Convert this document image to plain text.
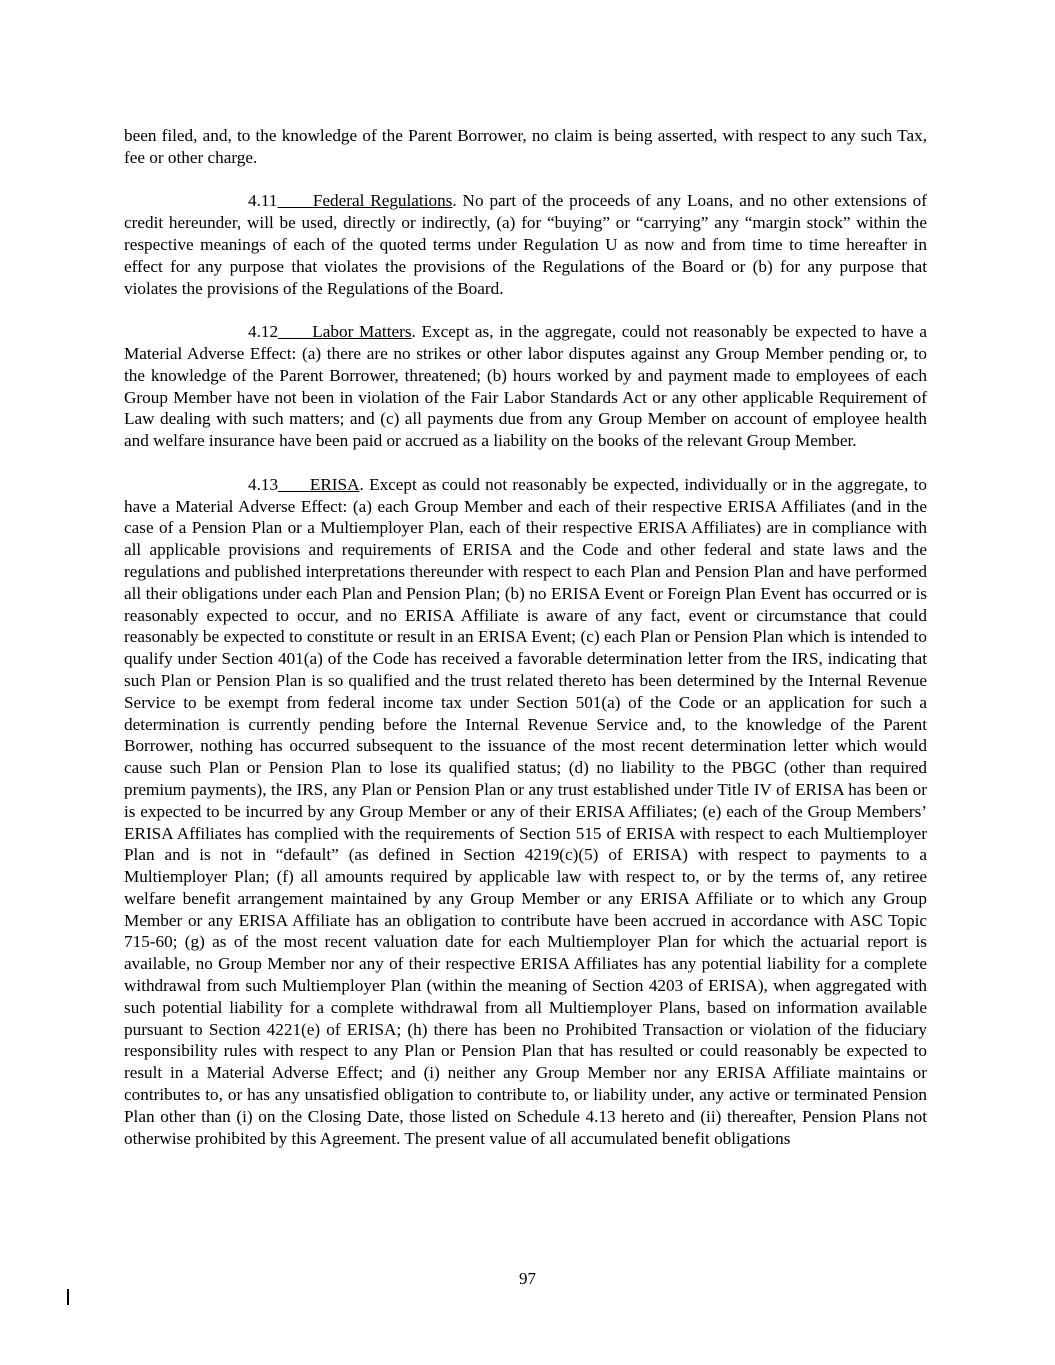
been filed, and, to the knowledge of the Parent Borrower, no claim is being asserted, with respect to any such Tax, fee or other charge.

4.11 Federal Regulations. No part of the proceeds of any Loans, and no other extensions of credit hereunder, will be used, directly or indirectly, (a) for “buying” or “carrying” any “margin stock” within the respective meanings of each of the quoted terms under Regulation U as now and from time to time hereafter in effect for any purpose that violates the provisions of the Regulations of the Board or (b) for any purpose that violates the provisions of the Regulations of the Board.

4.12 Labor Matters. Except as, in the aggregate, could not reasonably be expected to have a Material Adverse Effect: (a) there are no strikes or other labor disputes against any Group Member pending or, to the knowledge of the Parent Borrower, threatened; (b) hours worked by and payment made to employees of each Group Member have not been in violation of the Fair Labor Standards Act or any other applicable Requirement of Law dealing with such matters; and (c) all payments due from any Group Member on account of employee health and welfare insurance have been paid or accrued as a liability on the books of the relevant Group Member.

4.13 ERISA. Except as could not reasonably be expected, individually or in the aggregate, to have a Material Adverse Effect: (a) each Group Member and each of their respective ERISA Affiliates (and in the case of a Pension Plan or a Multiemployer Plan, each of their respective ERISA Affiliates) are in compliance with all applicable provisions and requirements of ERISA and the Code and other federal and state laws and the regulations and published interpretations thereunder with respect to each Plan and Pension Plan and have performed all their obligations under each Plan and Pension Plan; (b) no ERISA Event or Foreign Plan Event has occurred or is reasonably expected to occur, and no ERISA Affiliate is aware of any fact, event or circumstance that could reasonably be expected to constitute or result in an ERISA Event; (c) each Plan or Pension Plan which is intended to qualify under Section 401(a) of the Code has received a favorable determination letter from the IRS, indicating that such Plan or Pension Plan is so qualified and the trust related thereto has been determined by the Internal Revenue Service to be exempt from federal income tax under Section 501(a) of the Code or an application for such a determination is currently pending before the Internal Revenue Service and, to the knowledge of the Parent Borrower, nothing has occurred subsequent to the issuance of the most recent determination letter which would cause such Plan or Pension Plan to lose its qualified status; (d) no liability to the PBGC (other than required premium payments), the IRS, any Plan or Pension Plan or any trust established under Title IV of ERISA has been or is expected to be incurred by any Group Member or any of their ERISA Affiliates; (e) each of the Group Members’ ERISA Affiliates has complied with the requirements of Section 515 of ERISA with respect to each Multiemployer Plan and is not in “default” (as defined in Section 4219(c)(5) of ERISA) with respect to payments to a Multiemployer Plan; (f) all amounts required by applicable law with respect to, or by the terms of, any retiree welfare benefit arrangement maintained by any Group Member or any ERISA Affiliate or to which any Group Member or any ERISA Affiliate has an obligation to contribute have been accrued in accordance with ASC Topic 715-60; (g) as of the most recent valuation date for each Multiemployer Plan for which the actuarial report is available, no Group Member nor any of their respective ERISA Affiliates has any potential liability for a complete withdrawal from such Multiemployer Plan (within the meaning of Section 4203 of ERISA), when aggregated with such potential liability for a complete withdrawal from all Multiemployer Plans, based on information available pursuant to Section 4221(e) of ERISA; (h) there has been no Prohibited Transaction or violation of the fiduciary responsibility rules with respect to any Plan or Pension Plan that has resulted or could reasonably be expected to result in a Material Adverse Effect; and (i) neither any Group Member nor any ERISA Affiliate maintains or contributes to, or has any unsatisfied obligation to contribute to, or liability under, any active or terminated Pension Plan other than (i) on the Closing Date, those listed on Schedule 4.13 hereto and (ii) thereafter, Pension Plans not otherwise prohibited by this Agreement. The present value of all accumulated benefit obligations

97
